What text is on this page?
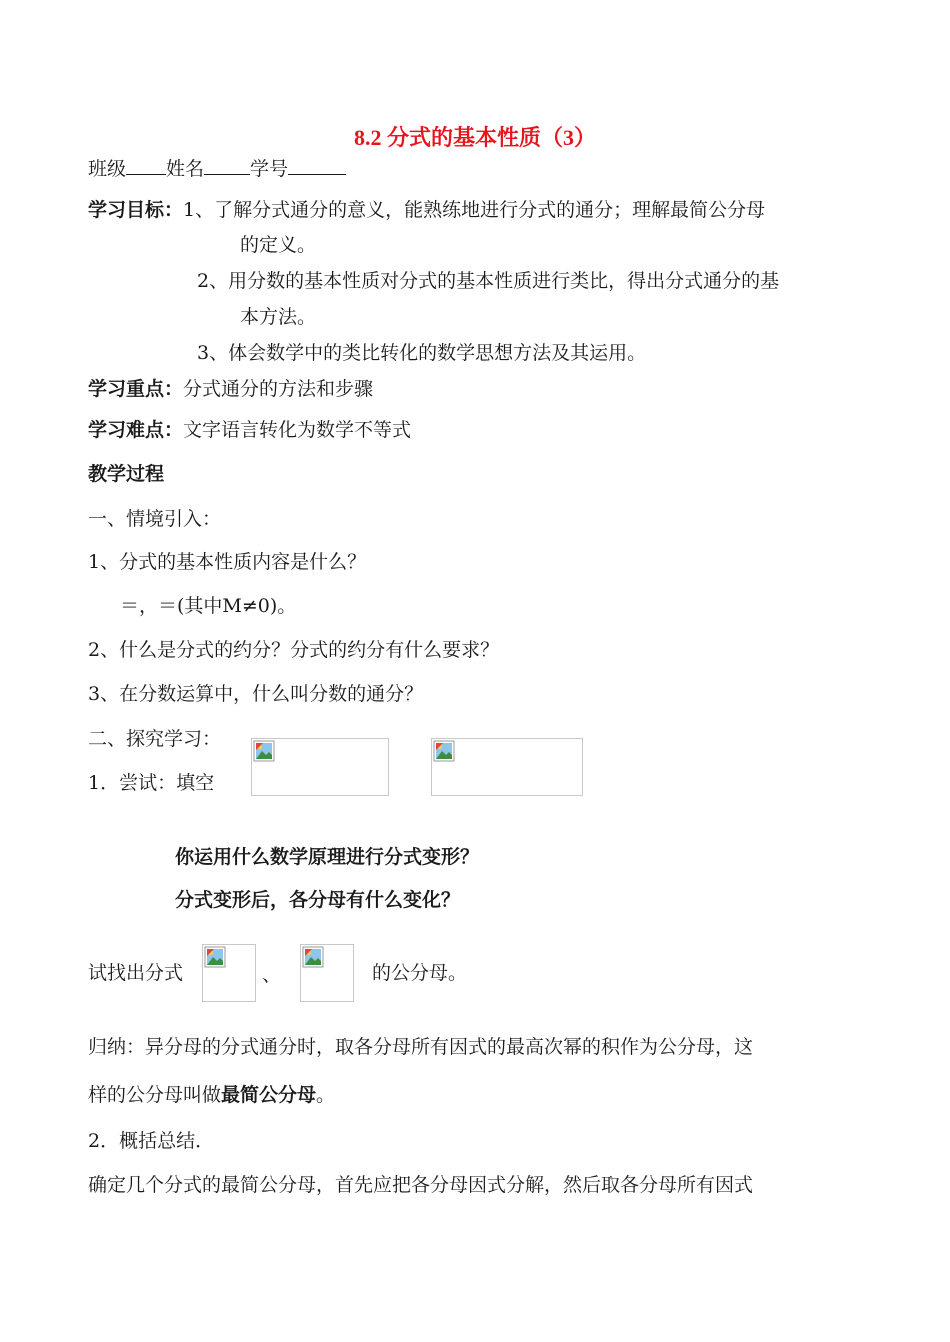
8.2 分式的基本性质（3）
班级 姓名 学号
学习目标：1、了解分式通分的意义，能熟练地进行分式的通分；理解最简公分母
的定义。
2、用分数的基本性质对分式的基本性质进行类比，得出分式通分的基
本方法。
3、体会数学中的类比转化的数学思想方法及其运用。
学习重点：分式通分的方法和步骤
学习难点：文字语言转化为数学不等式
教学过程
一、情境引入：
1、分式的基本性质内容是什么？
＝，＝(其中M≠0)。
2、什么是分式的约分？分式的约分有什么要求？
3、在分数运算中，什么叫分数的通分？
二、探究学习：
1．尝试：填空
你运用什么数学原理进行分式变形？
分式变形后，各分母有什么变化？
试找出分式	、	的公分母。
归纳：异分母的分式通分时，取各分母所有因式的最高次幂的积作为公分母，这
样的公分母叫做最简公分母。
2．概括总结．
确定几个分式的最简公分母，首先应把各分母因式分解，然后取各分母所有因式
